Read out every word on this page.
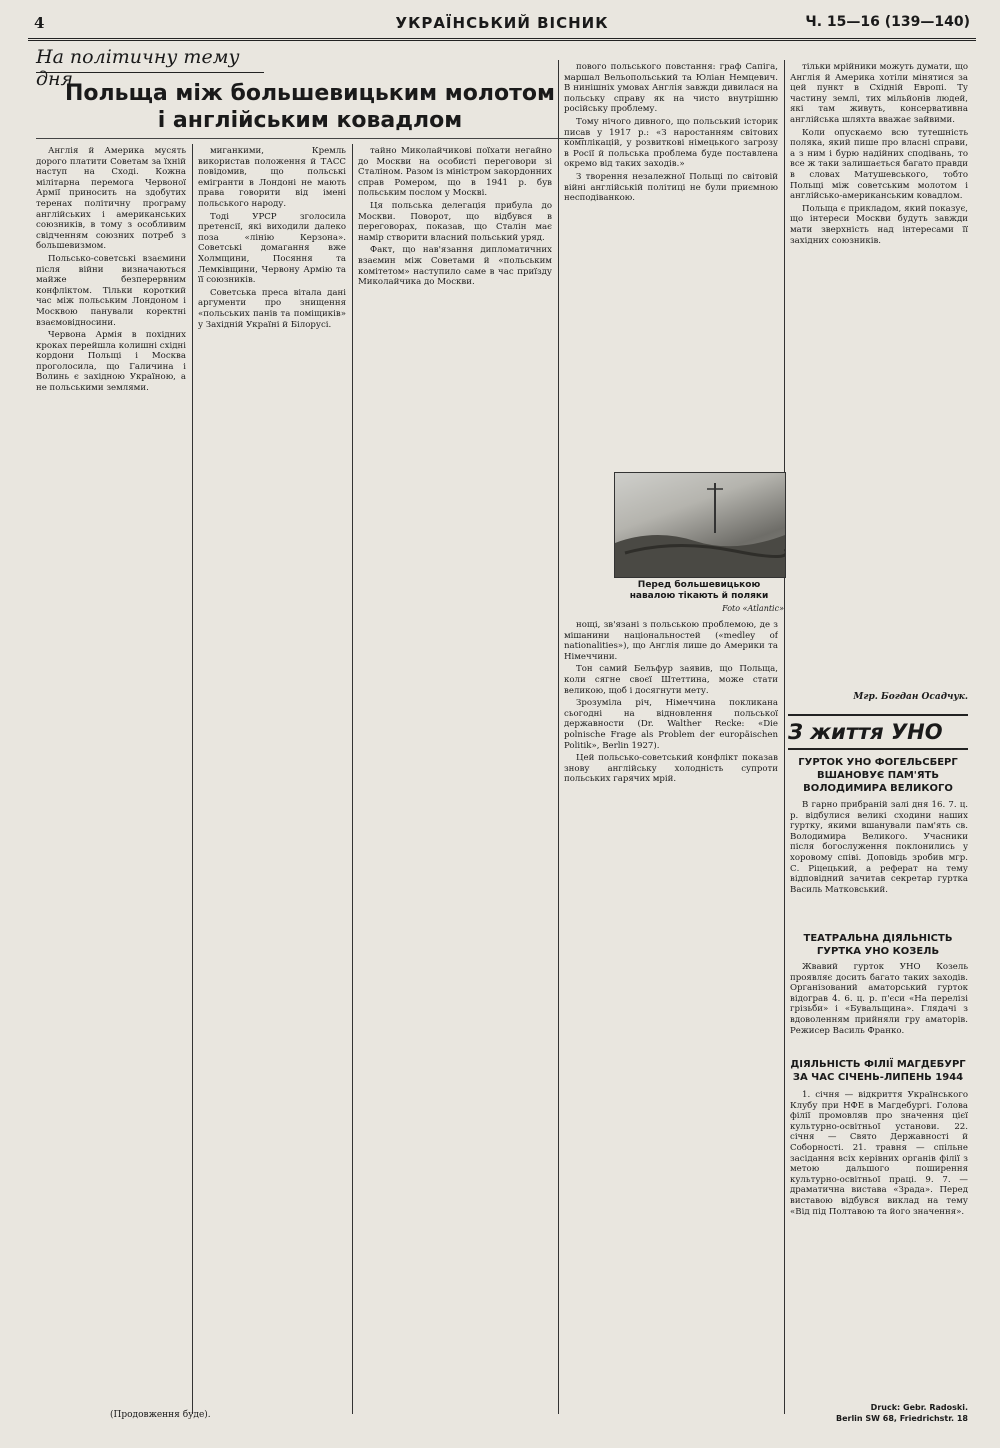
4	УКРАЇНСЬКИЙ ВІСНИК	Ч. 15—16 (139—140)
На політичну тему дня
Польща між большевицьким молотом
і англійським ковадлом

Англія й Америка мусять дорого платити Советам за їхній наступ на Сході. Кожна мілітарна перемога Червоної Армії приносить на здобутих теренах політичну програму англійських і американських союзників, в тому з особливим свідченням союзних потреб з большевизмом.

Польсько-советські взаємини після війни визначаються майже безперервним конфліктом. Тільки короткий час між польським Лондоном і Москвою панували коректні взаємовідносини.

Червона Армія в похідних кроках перейшла колишні східні кордони Польщі і Москва проголосила, що Галичина і Волинь є західною Україною, а не польськими землями.

миганкими, Кремль використав положення й ТАСС повідомив, що польські емігранти в Лондоні не мають права говорити від імені польського народу.

Тоді УРСР зголосила претенсії, які виходили далеко поза «лінію Керзона». Советські домагання вже Холмщини, Посяння та Лемківщини, Червону Армію та її союзників.

Советська преса вітала дані аргументи про знищення «польських панів та поміщиків» у Західній Україні й Білорусі.

тайно Миколайчикові поїхати негайно до Москви на особисті переговори зі Сталіном. Разом із міністром закордонних справ Ромером, що в 1941 р. був польським послом у Москві.

Ця польська делегація прибула до Москви. Поворот, що відбувся в переговорах, показав, що Сталін має намір створити власний польський уряд.

Факт, що нав'язання дипломатичних взаємин між Советами й «польським комітетом» наступило саме в час приїзду Миколайчика до Москви.

пового польського повстання: граф Сапіга, маршал Вельопольський та Юліан Немцевич. В нинішніх умовах Англія завжди дивилася на польську справу як на чисто внутрішню російську проблему.

Тому нічого дивного, що польський історик писав у 1917 р.: «З наростанням світових комплікацій, у розвиткові німецького загрозу в Росії й польська проблема буде поставлена окремо від таких заходів.»

З творення незалежної Польщі по світовій війні англійській політиці не були приємною несподіванкою.

Перед большевицькою навалою тікають й поляки
Foto «Atlantic»

нощі, зв'язані з польською проблемою, де з мішанини національностей («medley of nationalities»), що Англія лише до Америки та Німеччини.

Тон самий Бельфур заявив, що Польща, коли сягне своєї Штеттина, може стати великою, щоб і досягнути мету.

Зрозуміла річ, Німеччина покликана сьогодні на відновлення польської державности (Dr. Walther Recke: «Die polnische Frage als Problem der europäischen Politik», Berlin 1927).

Цей польсько-советський конфлікт показав знову англійську холодність супроти польських гарячих мрій.

тільки мрійники можуть думати, що Англія й Америка хотіли мінятися за цей пункт в Східній Европі. Ту частину землі, тих мільйонів людей, які там живуть, консервативна англійська шляхта вважає зайвими.

Коли опускаємо всю тутешність поляка, який пише про власні справи, а з ним і бурю надійних сподівань, то все ж таки залишається багато правди в словах Матушевського, тобто Польщі між советським молотом і англійсько-американським ковадлом.

Польща є прикладом, який показує, що інтереси Москви будуть завжди мати зверхність над інтересами її західних союзників.

Мгр. Богдан Осадчук.
З життя УНО
ГУРТОК УНО ФОГЕЛЬСБЕРГ ВШАНОВУЄ ПАМ'ЯТЬ ВОЛОДИМИРА ВЕЛИКОГО

В гарно прибраній залі дня 16. 7. ц. р. відбулися великі сходини наших гуртку, якими вшанували пам'ять св. Володимира Великого. Учасники після богослуження поклонились у хоровому співі. Доповідь зробив мгр. С. Ріцецький, а реферат на тему відповідний зачитав секретар гуртка Василь Матковський.

ТЕАТРАЛЬНА ДІЯЛЬНІСТЬ ГУРТКА УНО КОЗЕЛЬ

Жвавий гурток УНО Козель проявляє досить багато таких заходів. Організований аматорський гурток відограв 4. 6. ц. р. п'єси «На перелізі грізьби» і «Бувальщина». Глядачі з вдоволенням прийняли гру аматорів. Режисер Василь Франко.

ДІЯЛЬНІСТЬ ФІЛІЇ МАГДЕБУРГ ЗА ЧАС СІЧЕНЬ-ЛИПЕНЬ 1944

1. січня — відкриття Українського Клубу при НФЕ в Магдебургі. Голова філії промовляв про значення цієї культурно-освітньої установи. 22. січня — Свято Державності й Соборності. 21. травня — спільне засідання всіх керівних органів філії з метою дальшого поширення культурно-освітньої праці. 9. 7. — драматична вистава «Зрада». Перед виставою відбувся виклад на тему «Від під Полтавою та його значення».

(Продовження буде).
Druck: Gebr. Radoski.
Berlin SW 68, Friedrichstr. 18
